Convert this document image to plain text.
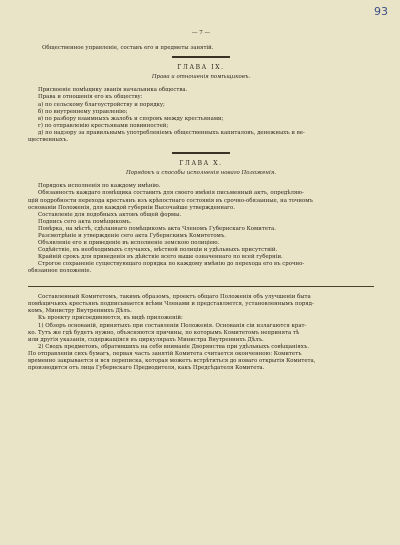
93
— 7 —
Общественное управленіе, составъ его и предметы занятій.
ГЛАВА IX.
Права и отношенія помѣщиковъ.

Присвоеніе помѣщику званія начальника общества.

Права и отношенія его къ обществу:

а) по сельскому благоустройству и порядку;

б) по внутреннему управленію;

в) по разбору взаимныхъ жалобъ и споровъ между крестьянами;

г) по отправленію крестьянами повинностей;

д) по надзору за правильнымъ употребленіемъ общественныхъ капиталовъ, денежныхъ и ве-

щественныхъ.

ГЛАВА X.
Порядокъ и способы исполненія новаго Положенія.

Порядокъ исполненія по каждому имѣнію.

Обязанность каждаго помѣщика составить для своего имѣнія письменный актъ, опредѣляю-

щій подробности перехода крестьянъ изъ крѣпостнаго состоянія въ срочно-обязанные, на точномъ

основаніи Положенія, для каждой губерніи Высочайше утвержденнаго.

Составленіе для подобныхъ актовъ общей формы.

Подпись сего акта помѣщикомъ.

Повѣрка, на мѣстѣ, сдѣланнаго помѣщикомъ акта Членомъ Губернскаго Комитета.

Разсмотрѣніе и утвержденіе сего акта Губернскимъ Комитетомъ.

Объявленіе его и приведеніе въ исполненіе земскою полиціею.

Содѣйствіе, въ необходимыхъ случаяхъ, мѣстной полиціи и удѣльныхъ присутствій.

Крайній срокъ для приведенія въ дѣйствіе всего выше означеннаго по всей губерніи.

Строгое сохраненіе существующаго порядка по каждому имѣнію до перехода его въ срочно-

обязанное положеніе.

Составленный Комитетомъ, такимъ образомъ, проектъ общаго Положенія объ улучшеніи быта

помѣщичьихъ крестьянъ подписывается всѣми Членами и представляется, установленнымъ поряд-

комъ, Министру Внутреннихъ Дѣлъ.

Къ проекту присоединяются, въ видѣ приложеній:

1) Обзоръ основаній, принятыхъ при составленіи Положенія. Основанія сіи излагаются крат-

ко. Тутъ же гдѣ будетъ нужно, объясняются причины, по которымъ Комитетомъ непринята тѣ

или другія указанія, содержащіяся въ циркулярахъ Министра Внутреннихъ Дѣлъ.

2) Сводъ предметовъ, обратившихъ на себя вниманіе Дворянства при удѣльныхъ совѣщаніяхъ.

По отправленіи сихъ бумагъ, первая часть занятій Комитета считается оконченною: Комитетъ

временно закрывается и вся переписка, которая можетъ встрѣтиться до новаго открытія Комитета,

производится отъ лица Губернскаго Предводителя, какъ Предсѣдателя Комитета.
